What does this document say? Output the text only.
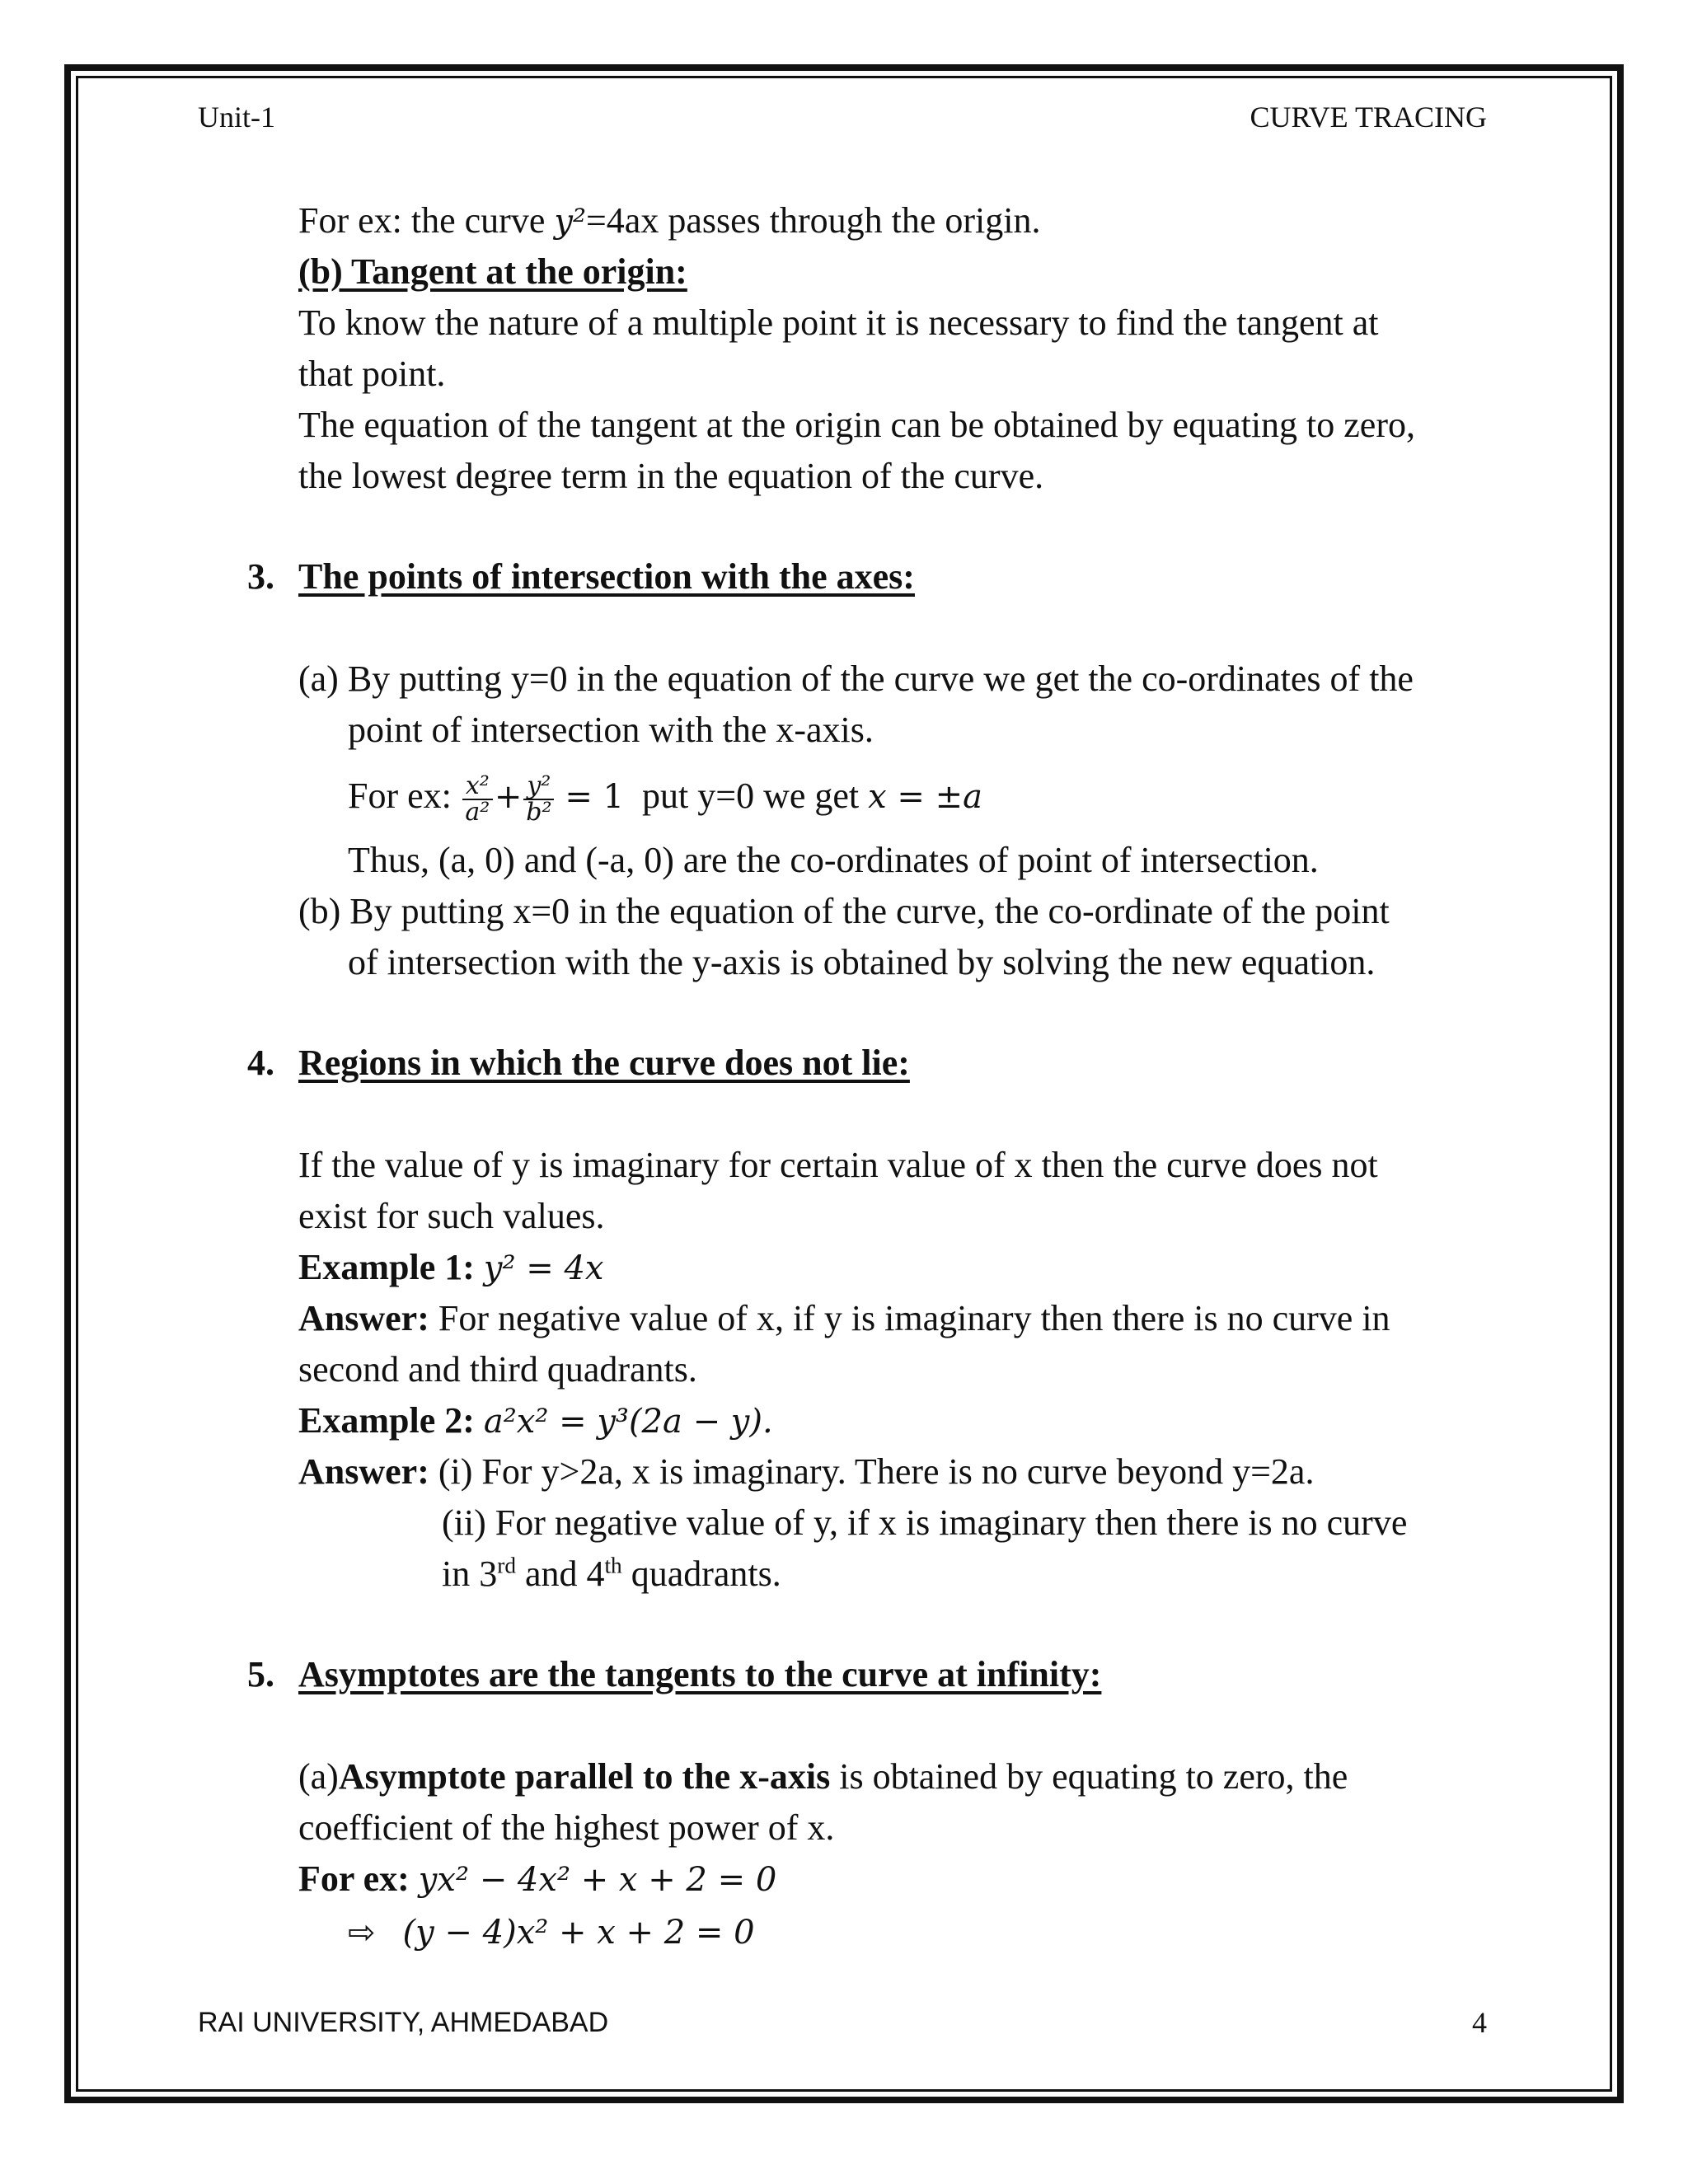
Unit-1	CURVE TRACING
For ex: the curve y²=4ax passes through the origin.
(b) Tangent at the origin:
To know the nature of a multiple point it is necessary to find the tangent at
that point.
The equation of the tangent at the origin can be obtained by equating to zero,
the lowest degree term in the equation of the curve.
3. The points of intersection with the axes:
(a) By putting y=0 in the equation of the curve we get the co-ordinates of the
point of intersection with the x-axis.
For ex: $\frac{\text{x²}}{\text{a²}} + \frac{\text{y²}}{\text{b²}} = 1$ put y=0 we get x = ±a
Thus, (a, 0) and (-a, 0) are the co-ordinates of point of intersection.
(b) By putting x=0 in the equation of the curve, the co-ordinate of the point
of intersection with the y-axis is obtained by solving the new equation.
4. Regions in which the curve does not lie:
If the value of y is imaginary for certain value of x then the curve does not
exist for such values.
Example 1: y² = 4x
Answer: For negative value of x, if y is imaginary then there is no curve in
second and third quadrants.
Example 2: a²x² = y³(2a − y).
Answer: (i) For y>2a, x is imaginary. There is no curve beyond y=2a.
(ii) For negative value of y, if x is imaginary then there is no curve
in 3rd and 4th quadrants.
5. Asymptotes are the tangents to the curve at infinity:
(a)Asymptote parallel to the x-axis is obtained by equating to zero, the
coefficient of the highest power of x.
For ex: yx² − 4x² + x + 2 = 0
⇨ (y − 4)x² + x + 2 = 0
RAI UNIVERSITY, AHMEDABAD	4
